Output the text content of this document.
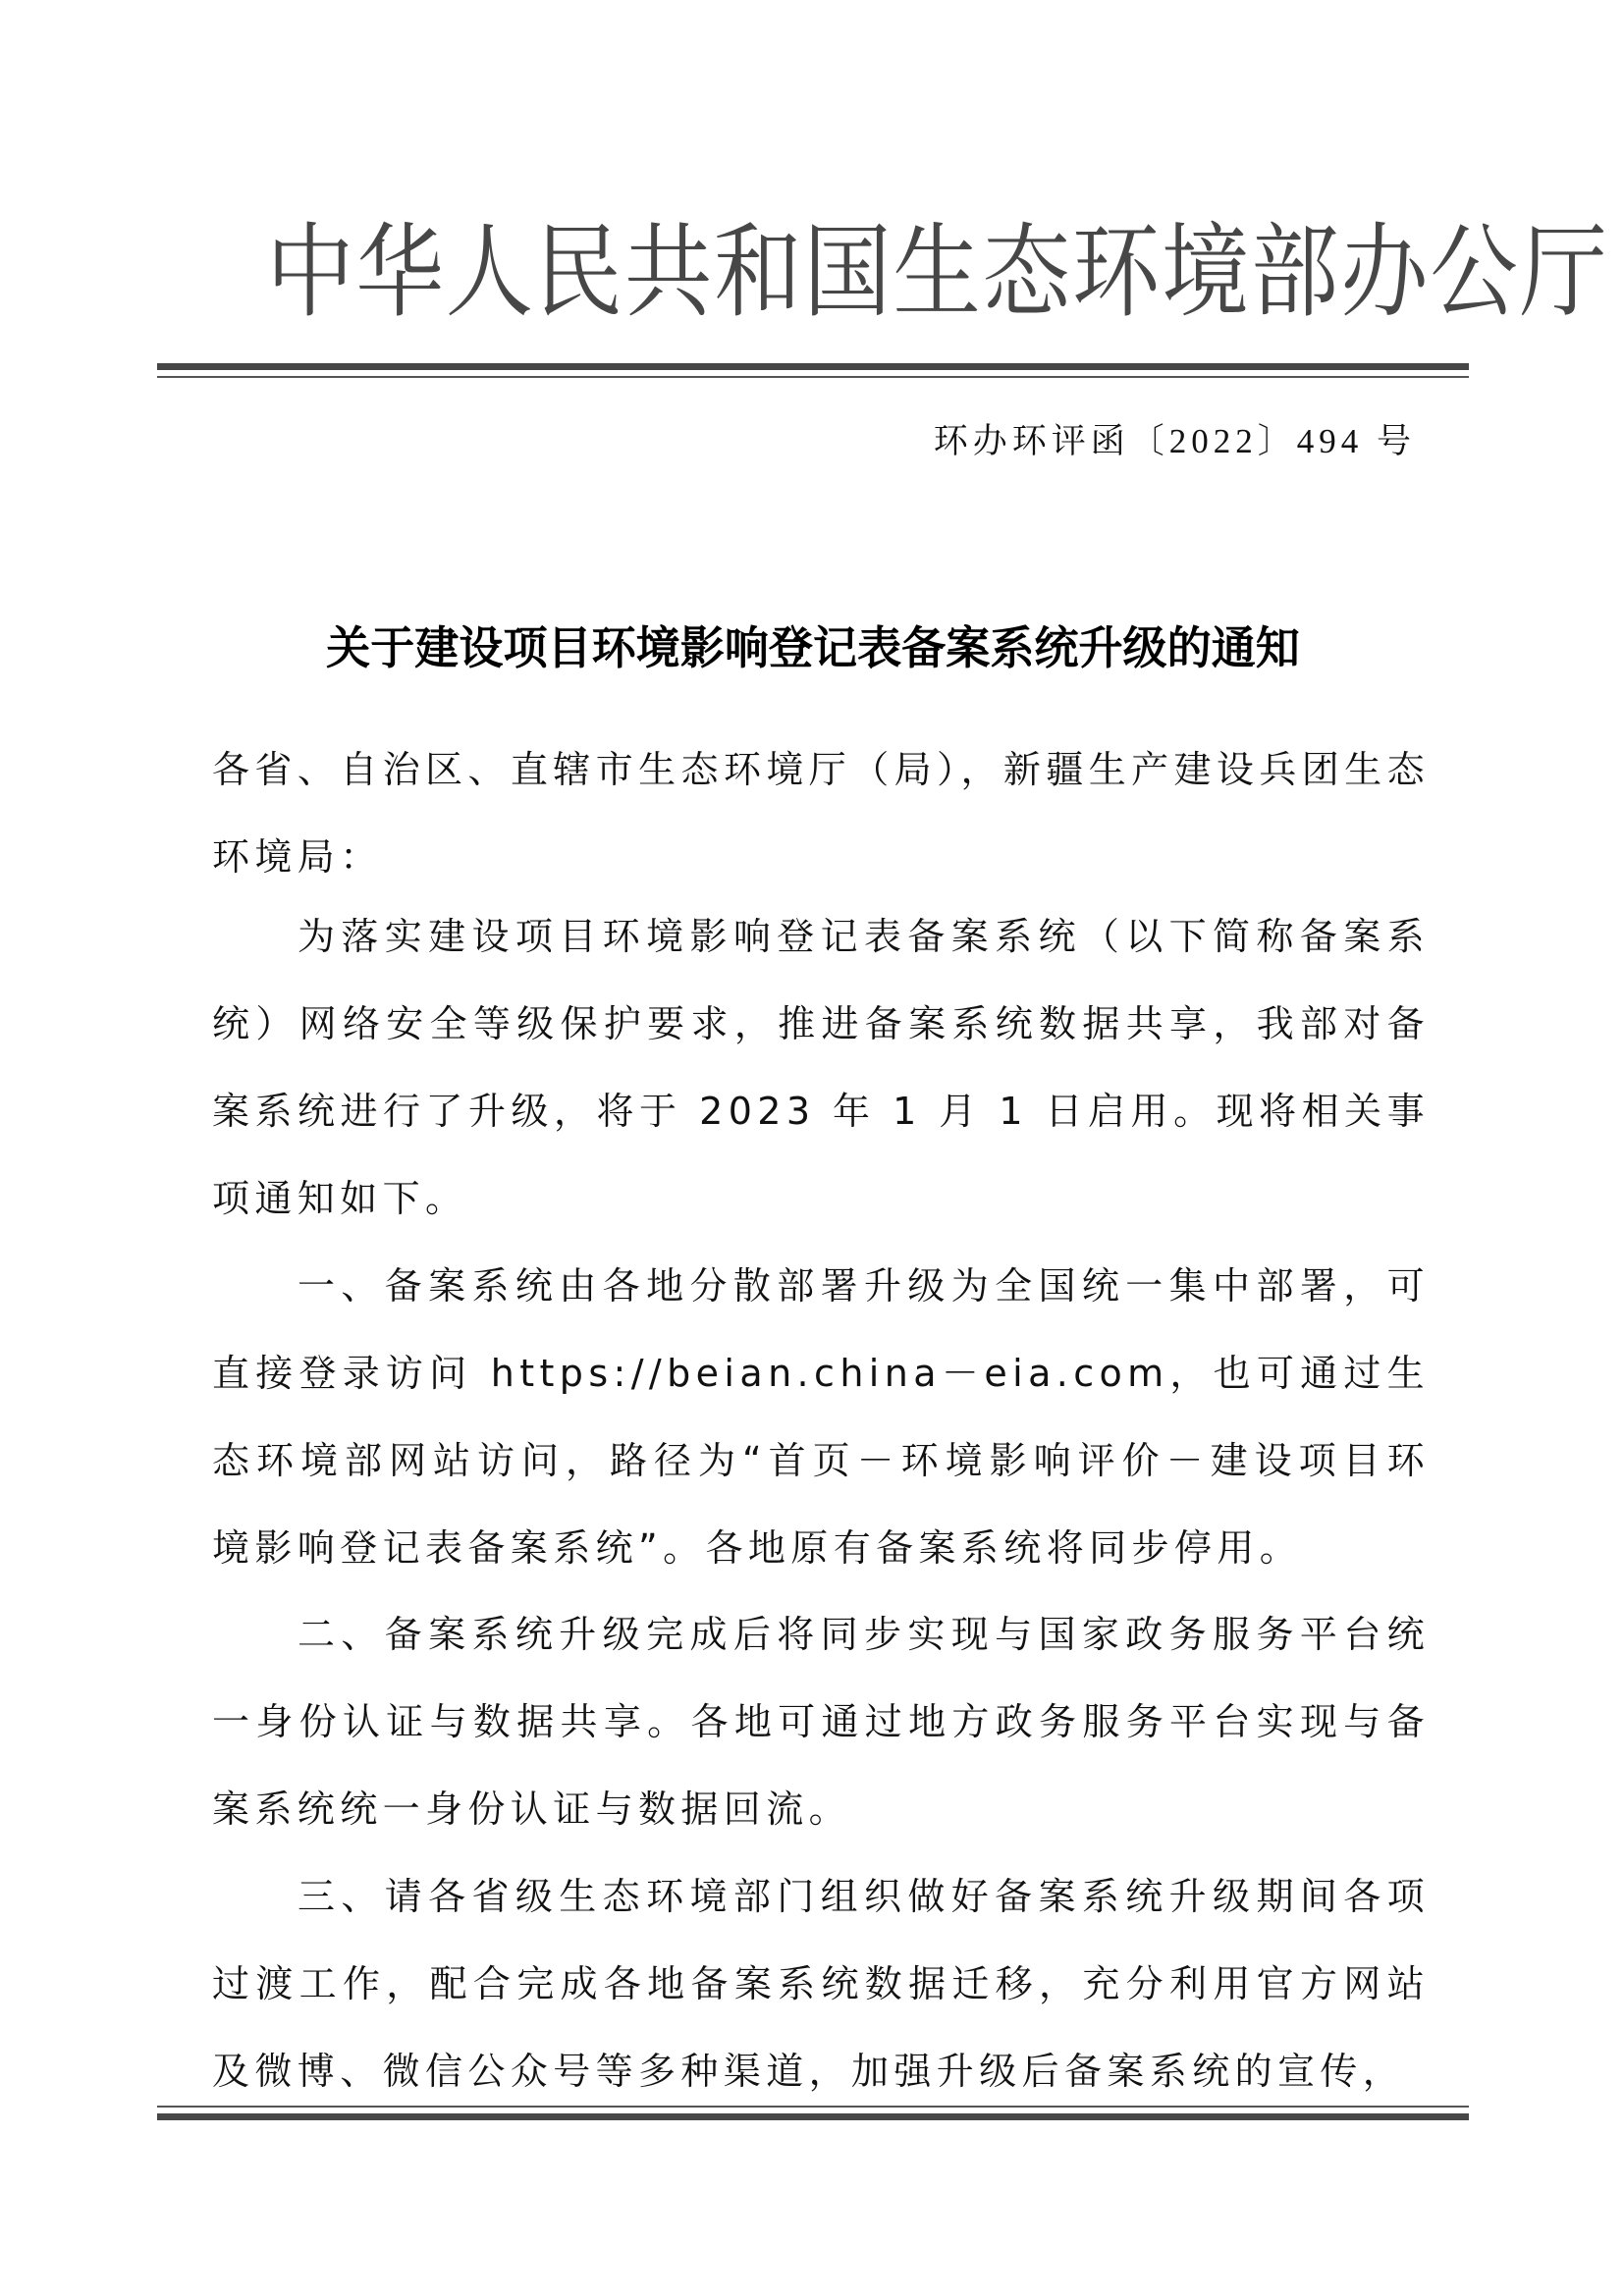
中华人民共和国生态环境部办公厅
环办环评函〔2022〕494 号
关于建设项目环境影响登记表备案系统升级的通知

各省、自治区、直辖市生态环境厅（局），新疆生产建设兵团生态环境局：

为落实建设项目环境影响登记表备案系统（以下简称备案系统）网络安全等级保护要求，推进备案系统数据共享，我部对备案系统进行了升级，将于 2023 年 1 月 1 日启用。现将相关事项通知如下。

一、备案系统由各地分散部署升级为全国统一集中部署，可直接登录访问 https://beian.china－eia.com，也可通过生态环境部网站访问，路径为“首页－环境影响评价－建设项目环境影响登记表备案系统”。各地原有备案系统将同步停用。

二、备案系统升级完成后将同步实现与国家政务服务平台统一身份认证与数据共享。各地可通过地方政务服务平台实现与备案系统统一身份认证与数据回流。

三、请各省级生态环境部门组织做好备案系统升级期间各项过渡工作，配合完成各地备案系统数据迁移，充分利用官方网站及微博、微信公众号等多种渠道，加强升级后备案系统的宣传，
